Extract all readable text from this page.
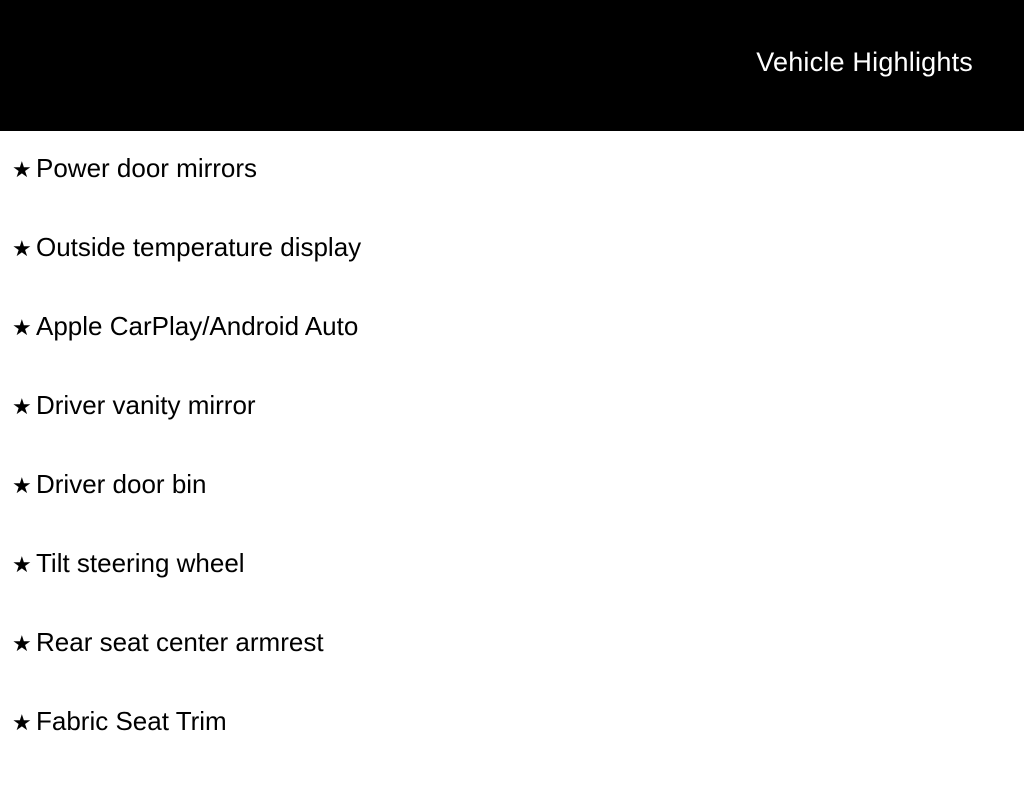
Vehicle Highlights
★ Power door mirrors
★ Outside temperature display
★ Apple CarPlay/Android Auto
★ Driver vanity mirror
★ Driver door bin
★ Tilt steering wheel
★ Rear seat center armrest
★ Fabric Seat Trim
